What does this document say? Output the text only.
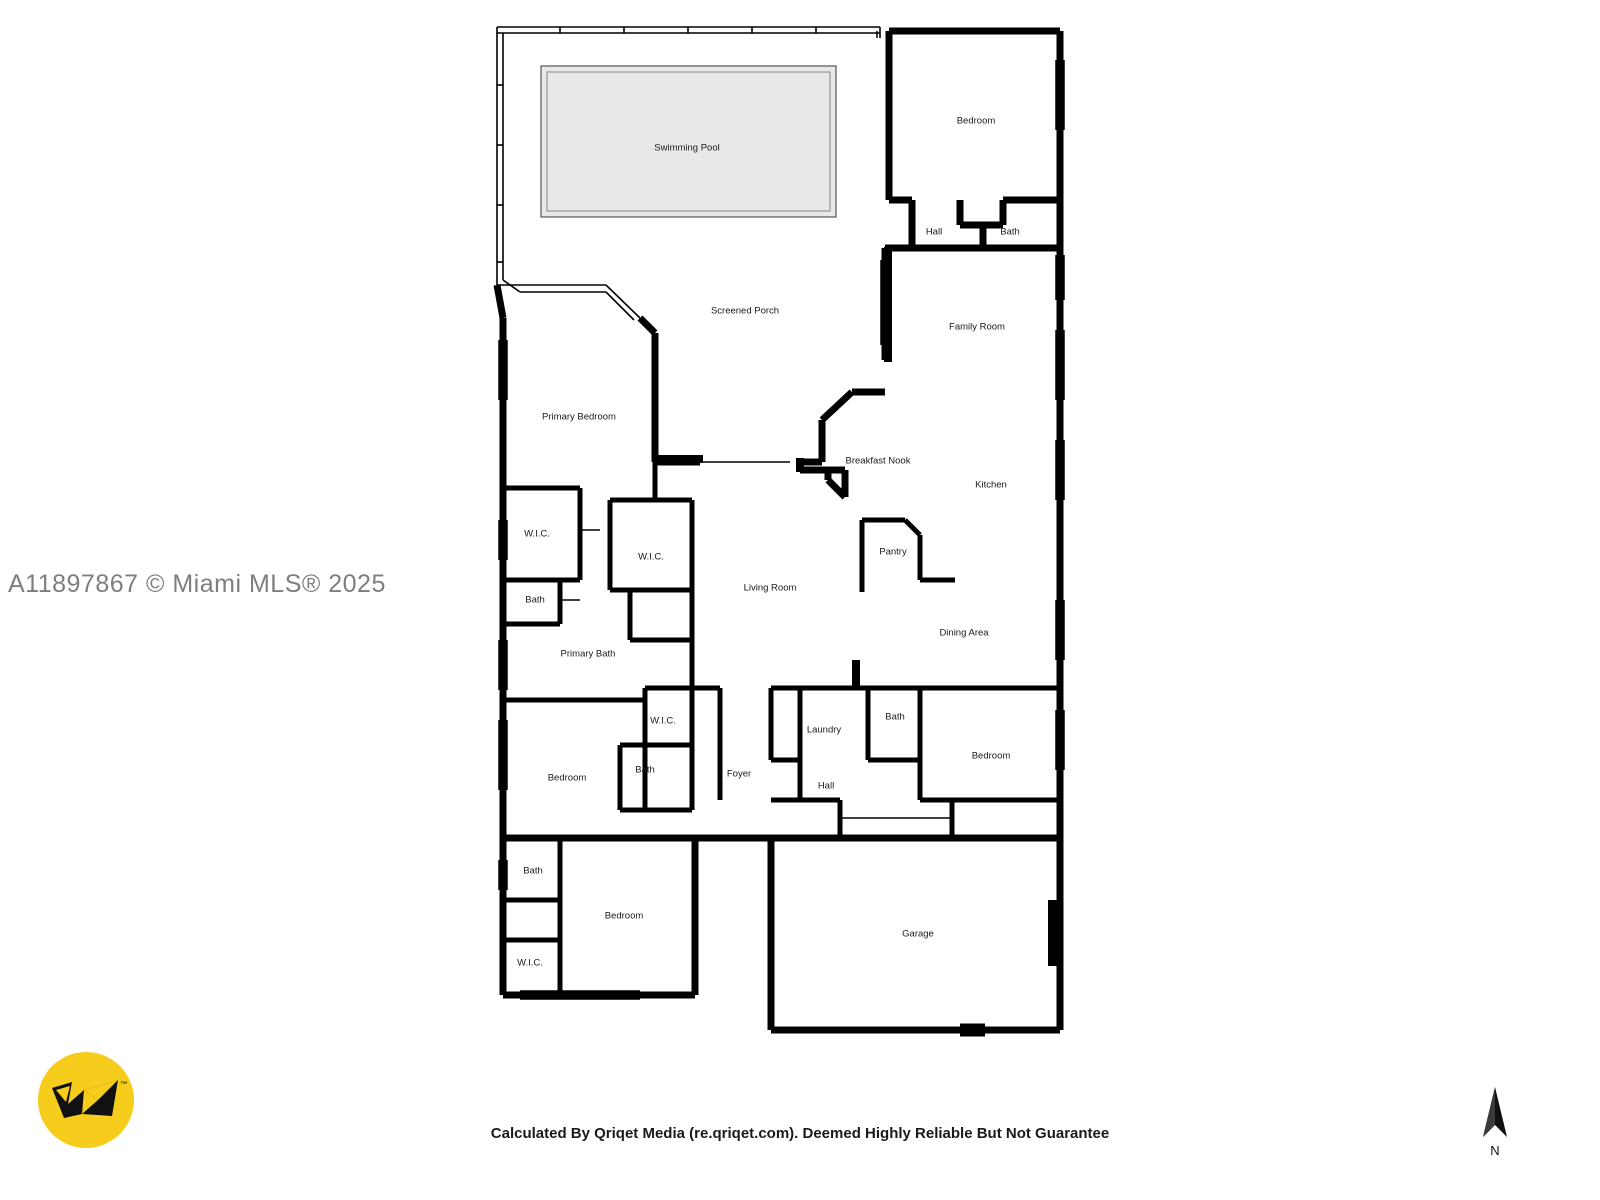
Swimming Pool
Bedroom
Hall	Bath
Screened Porch
Family Room
Primary Bedroom
Breakfast Nook
Kitchen
W.I.C.
W.I.C.	Pantry
Living Room
Bath
Dining Area
Primary Bath
Laundry
Bath
W.I.C.
Bedroom
Bedroom
Bath	Foyer
Hall
Bath
Bedroom
Garage
W.I.C.
A11897867 © Miami MLS® 2025
™
N
Calculated By Qriqet Media (re.qriqet.com). Deemed Highly Reliable But Not Guarantee
